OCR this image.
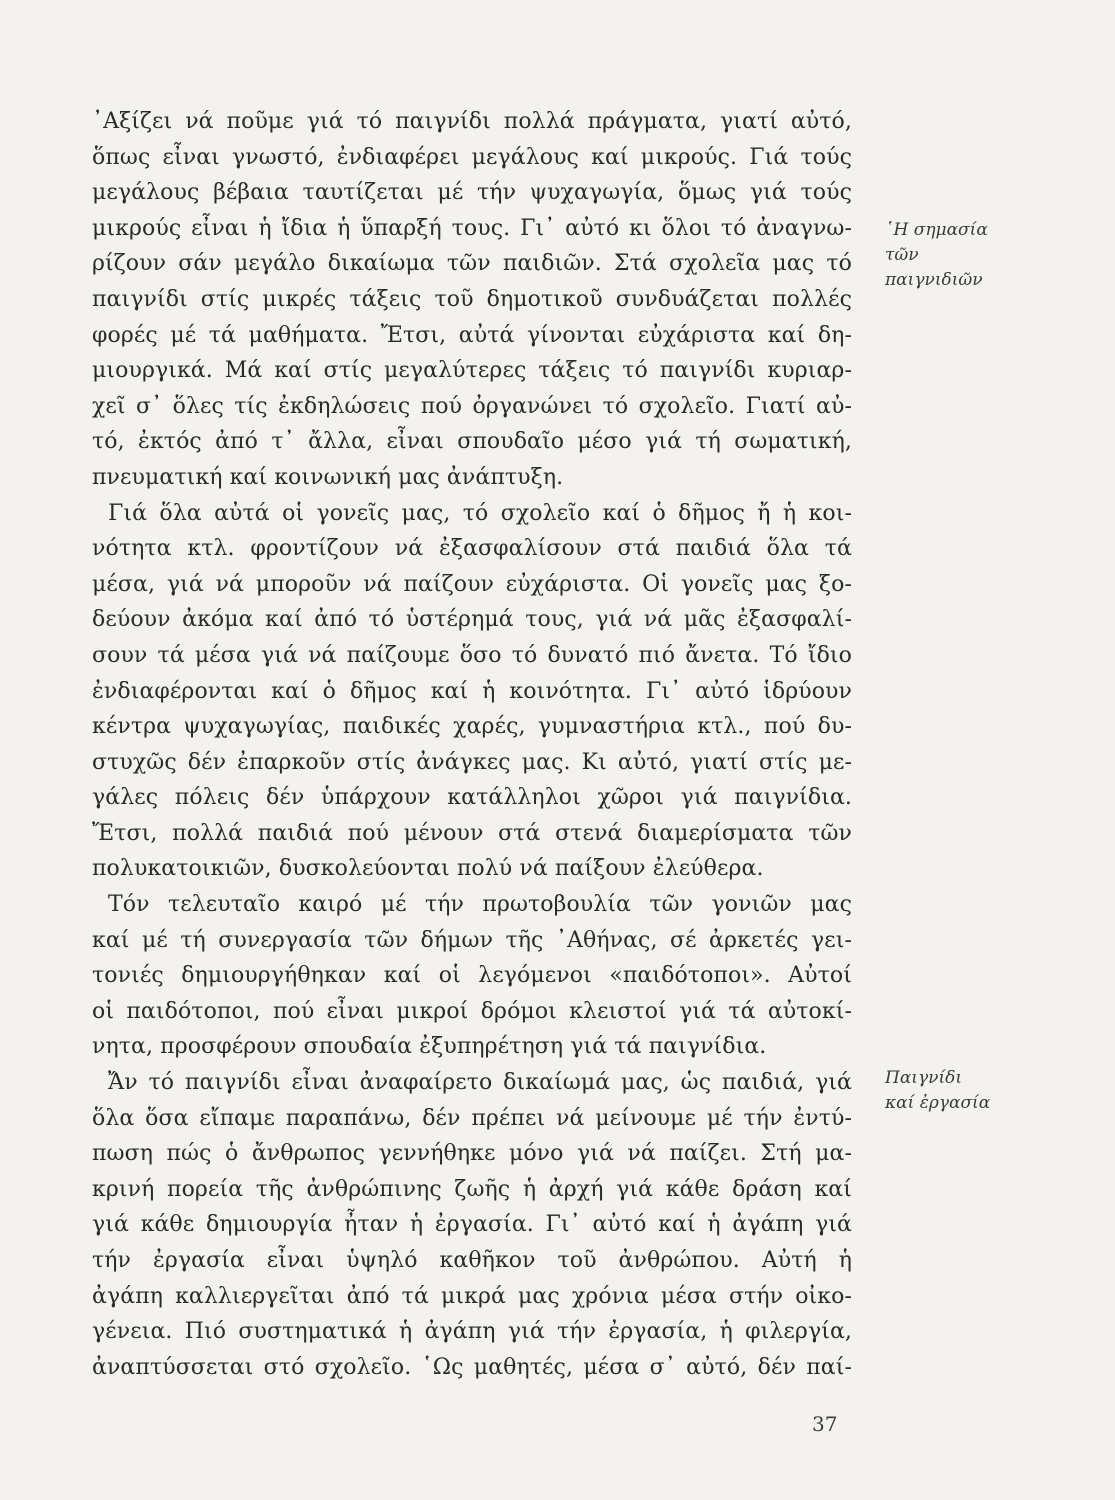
᾿Αξίζει νά ποῦμε γιά τό παιγνίδι πολλά πράγματα, γιατί αὐτό,
ὅπως εἶναι γνωστό, ἐνδιαφέρει μεγάλους καί μικρούς. Γιά τούς
μεγάλους βέβαια ταυτίζεται μέ τήν ψυχαγωγία, ὅμως γιά τούς
μικρούς εἶναι ἡ ἴδια ἡ ὕπαρξή τους. Γι᾿ αὐτό κι ὅλοι τό ἀναγνω-
ρίζουν σάν μεγάλο δικαίωμα τῶν παιδιῶν. Στά σχολεῖα μας τό
παιγνίδι στίς μικρές τάξεις τοῦ δημοτικοῦ συνδυάζεται πολλές
φορές μέ τά μαθήματα. Ἔτσι, αὐτά γίνονται εὐχάριστα καί δη-
μιουργικά. Μά καί στίς μεγαλύτερες τάξεις τό παιγνίδι κυριαρ-
χεῖ σ᾿ ὅλες τίς ἐκδηλώσεις πού ὀργανώνει τό σχολεῖο. Γιατί αὐ-
τό, ἐκτός ἀπό τ᾿ ἄλλα, εἶναι σπουδαῖο μέσο γιά τή σωματική,
πνευματική καί κοινωνική μας ἀνάπτυξη.
Γιά ὅλα αὐτά οἱ γονεῖς μας, τό σχολεῖο καί ὁ δῆμος ἤ ἡ κοι-
νότητα κτλ. φροντίζουν νά ἐξασφαλίσουν στά παιδιά ὅλα τά
μέσα, γιά νά μποροῦν νά παίζουν εὐχάριστα. Οἱ γονεῖς μας ξο-
δεύουν ἀκόμα καί ἀπό τό ὑστέρημά τους, γιά νά μᾶς ἐξασφαλί-
σουν τά μέσα γιά νά παίζουμε ὅσο τό δυνατό πιό ἄνετα. Τό ἴδιο
ἐνδιαφέρονται καί ὁ δῆμος καί ἡ κοινότητα. Γι᾿ αὐτό ἱδρύουν
κέντρα ψυχαγωγίας, παιδικές χαρές, γυμναστήρια κτλ., πού δυ-
στυχῶς δέν ἐπαρκοῦν στίς ἀνάγκες μας. Κι αὐτό, γιατί στίς με-
γάλες πόλεις δέν ὑπάρχουν κατάλληλοι χῶροι γιά παιγνίδια.
Ἔτσι, πολλά παιδιά πού μένουν στά στενά διαμερίσματα τῶν
πολυκατοικιῶν, δυσκολεύονται πολύ νά παίξουν ἐλεύθερα.
Τόν τελευταῖο καιρό μέ τήν πρωτοβουλία τῶν γονιῶν μας
καί μέ τή συνεργασία τῶν δήμων τῆς ᾿Αθήνας, σέ ἀρκετές γει-
τονιές δημιουργήθηκαν καί οἱ λεγόμενοι «παιδότοποι». Αὐτοί
οἱ παιδότοποι, πού εἶναι μικροί δρόμοι κλειστοί γιά τά αὐτοκί-
νητα, προσφέρουν σπουδαία ἐξυπηρέτηση γιά τά παιγνίδια.
Ἄν τό παιγνίδι εἶναι ἀναφαίρετο δικαίωμά μας, ὡς παιδιά, γιά
ὅλα ὅσα εἴπαμε παραπάνω, δέν πρέπει νά μείνουμε μέ τήν ἐντύ-
πωση πώς ὁ ἄνθρωπος γεννήθηκε μόνο γιά νά παίζει. Στή μα-
κρινή πορεία τῆς ἀνθρώπινης ζωῆς ἡ ἀρχή γιά κάθε δράση καί
γιά κάθε δημιουργία ἦταν ἡ ἐργασία. Γι᾿ αὐτό καί ἡ ἀγάπη γιά
τήν ἐργασία εἶναι ὑψηλό καθῆκον τοῦ ἀνθρώπου. Αὐτή ἡ
ἀγάπη καλλιεργεῖται ἀπό τά μικρά μας χρόνια μέσα στήν οἰκο-
γένεια. Πιό συστηματικά ἡ ἀγάπη γιά τήν ἐργασία, ἡ φιλεργία,
ἀναπτύσσεται στό σχολεῖο. ῾Ως μαθητές, μέσα σ᾿ αὐτό, δέν παί-
῾Η σημασία
τῶν
παιγνιδιῶν
Παιγνίδι
καί ἐργασία
37
